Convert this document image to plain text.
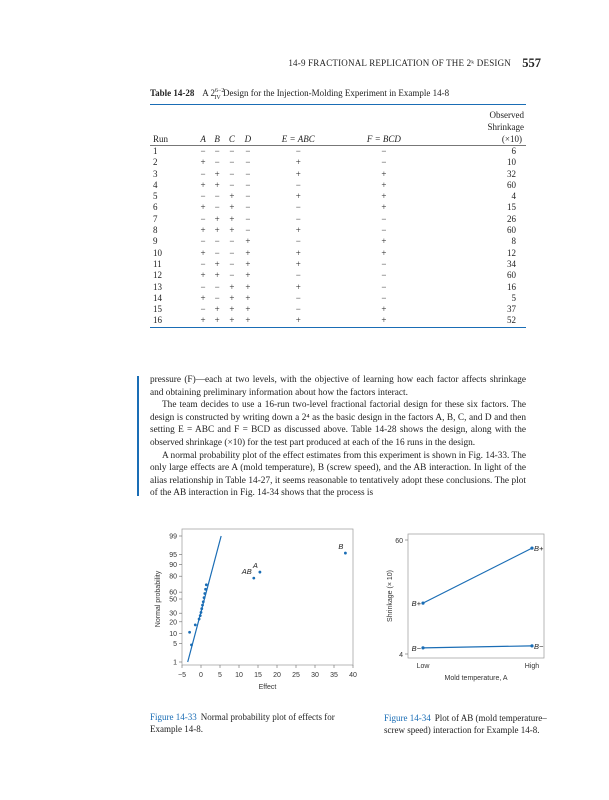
14-9 FRACTIONAL REPLICATION OF THE 2ᵏ DESIGN 557
Table 14-28 A $2^{6-2}_{IV}$ Design for the Injection-Molding Experiment in Example 14-8
							Observed
							Shrinkage
Run	A	B	C	D	E = ABC	F = BCD	(×10)
1	−	−	−	−	−	−	6
2	+	−	−	−	+	−	10
3	−	+	−	−	+	+	32
4	+	+	−	−	−	+	60
5	−	−	+	−	+	+	4
6	+	−	+	−	−	+	15
7	−	+	+	−	−	−	26
8	+	+	+	−	+	−	60
9	−	−	−	+	−	+	8
10	+	−	−	+	+	+	12
11	−	+	−	+	+	−	34
12	+	+	−	+	−	−	60
13	−	−	+	+	+	−	16
14	+	−	+	+	−	−	5
15	−	+	+	+	−	+	37
16	+	+	+	+	+	+	52

pressure (F)—each at two levels, with the objective of learning how each factor affects shrinkage and obtaining preliminary information about how the factors interact.

The team decides to use a 16-run two-level fractional factorial design for these six factors. The design is constructed by writing down a 2⁴ as the basic design in the factors A, B, C, and D and then setting E = ABC and F = BCD as discussed above. Table 14-28 shows the design, along with the observed shrinkage (×10) for the test part produced at each of the 16 runs in the design.

A normal probability plot of the effect estimates from this experiment is shown in Fig. 14-33. The only large effects are A (mold temperature), B (screw speed), and the AB interaction. In light of the alias relationship in Table 14-27, it seems reasonable to tentatively adopt these conclusions. The plot of the AB interaction in Fig. 14-34 shows that the process is

1
5
10
20
30
50
60
80
90
95
99
−5 0 5 10 15 20 25 30 35 40
Effect
Normal probability	AB
A
B
4
60
Low	High
Mold temperature, A
Shrinkage (× 10) B+
B+
B−	B−
Figure 14-33 Normal probability plot of effects for Example 14-8.
Figure 14-34 Plot of AB (mold temperature–screw speed) interaction for Example 14-8.
